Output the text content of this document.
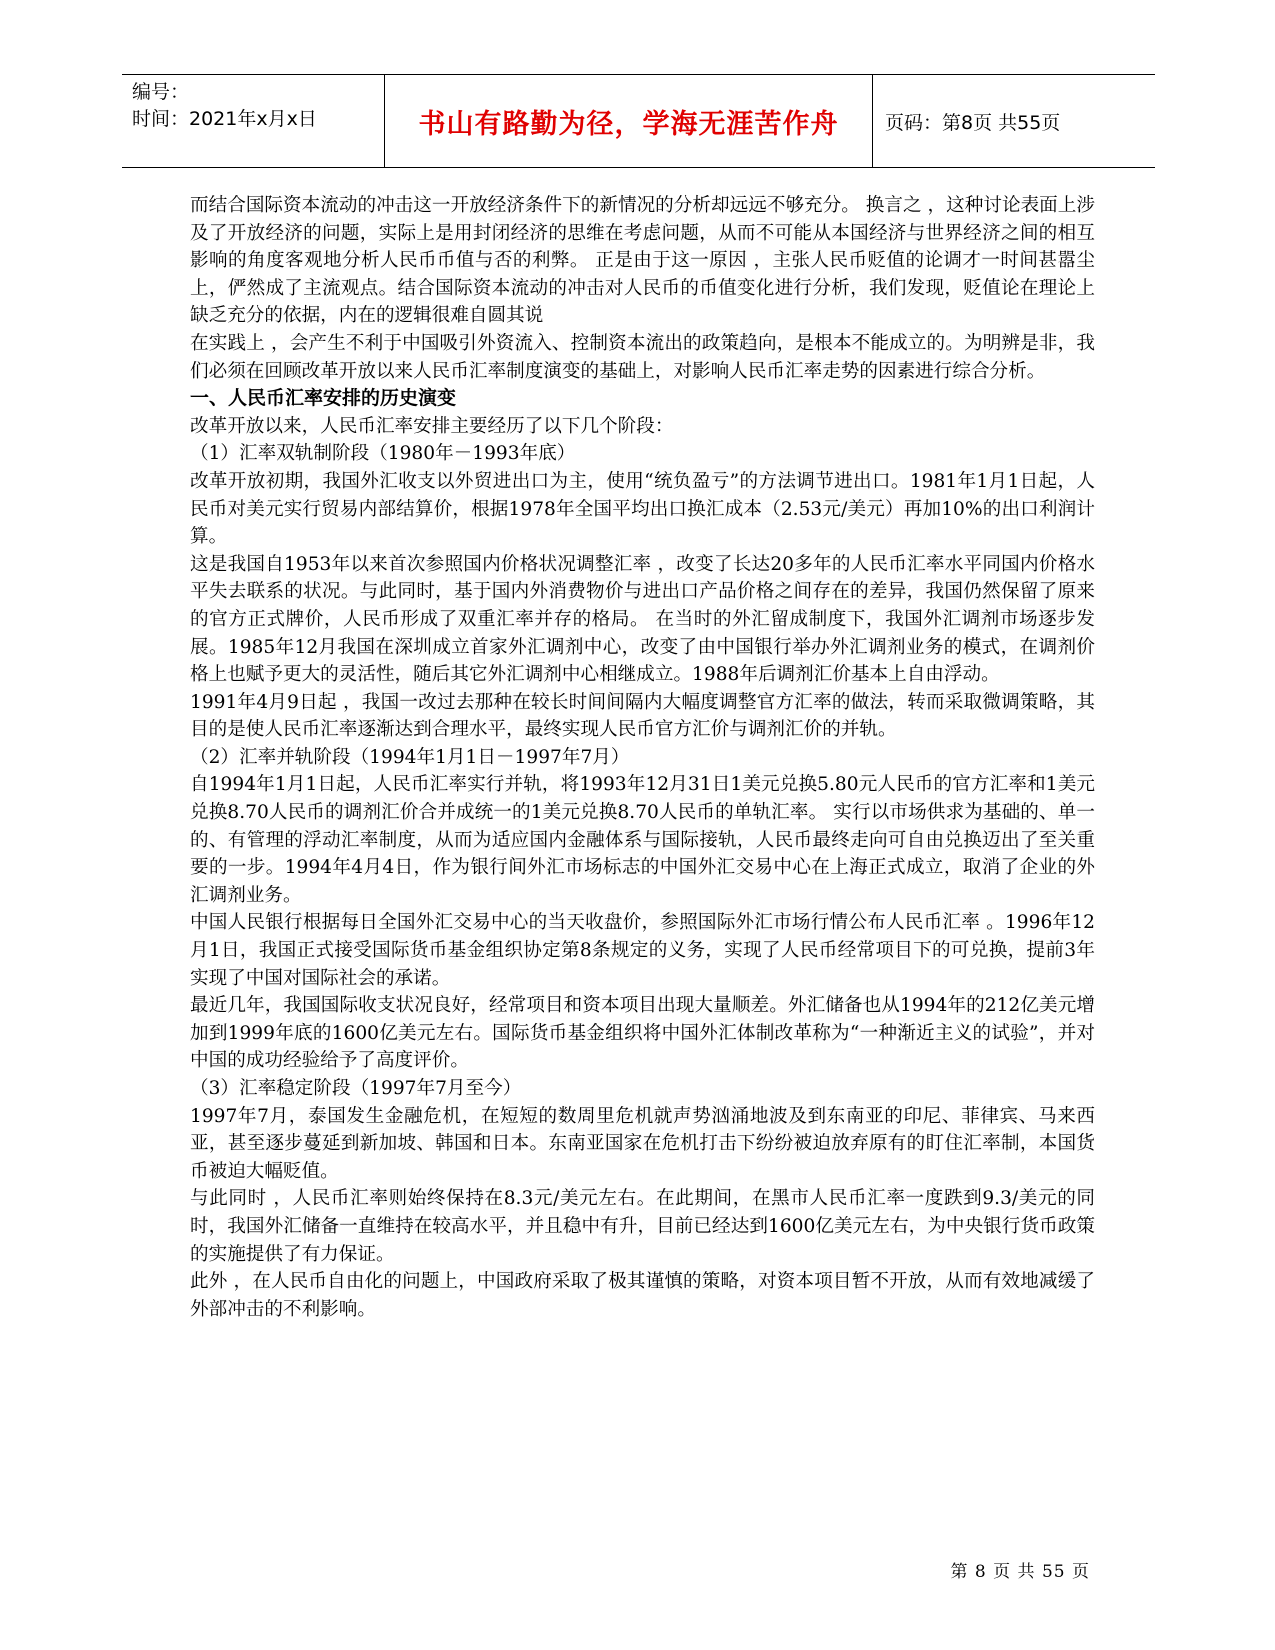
编号：
时间：2021年x月x日	书山有路勤为径，学海无涯苦作舟	页码：第8页 共55页

而结合国际资本流动的冲击这一开放经济条件下的新情况的分析却远远不够充分。 换言之 ，这种讨论表面上涉及了开放经济的问题，实际上是用封闭经济的思维在考虑问题，从而不可能从本国经济与世界经济之间的相互影响的角度客观地分析人民币币值与否的利弊。 正是由于这一原因 ，主张人民币贬值的论调才一时间甚嚣尘上，俨然成了主流观点。结合国际资本流动的冲击对人民币的币值变化进行分析，我们发现，贬值论在理论上缺乏充分的依据，内在的逻辑很难自圆其说

在实践上 ，会产生不利于中国吸引外资流入、控制资本流出的政策趋向，是根本不能成立的。为明辨是非，我们必须在回顾改革开放以来人民币汇率制度演变的基础上，对影响人民币汇率走势的因素进行综合分析。

一、人民币汇率安排的历史演变

改革开放以来，人民币汇率安排主要经历了以下几个阶段：

（1）汇率双轨制阶段（1980年－1993年底）

改革开放初期，我国外汇收支以外贸进出口为主，使用“统负盈亏”的方法调节进出口。1981年1月1日起，人民币对美元实行贸易内部结算价，根据1978年全国平均出口换汇成本（2.53元/美元）再加10%的出口利润计算。

这是我国自1953年以来首次参照国内价格状况调整汇率 ，改变了长达20多年的人民币汇率水平同国内价格水平失去联系的状况。与此同时，基于国内外消费物价与进出口产品价格之间存在的差异，我国仍然保留了原来的官方正式牌价，人民币形成了双重汇率并存的格局。 在当时的外汇留成制度下，我国外汇调剂市场逐步发展。1985年12月我国在深圳成立首家外汇调剂中心，改变了由中国银行举办外汇调剂业务的模式，在调剂价格上也赋予更大的灵活性，随后其它外汇调剂中心相继成立。1988年后调剂汇价基本上自由浮动。

1991年4月9日起 ，我国一改过去那种在较长时间间隔内大幅度调整官方汇率的做法，转而采取微调策略，其目的是使人民币汇率逐渐达到合理水平，最终实现人民币官方汇价与调剂汇价的并轨。

（2）汇率并轨阶段（1994年1月1日－1997年7月）

自1994年1月1日起，人民币汇率实行并轨，将1993年12月31日1美元兑换5.80元人民币的官方汇率和1美元兑换8.70人民币的调剂汇价合并成统一的1美元兑换8.70人民币的单轨汇率。 实行以市场供求为基础的、单一的、有管理的浮动汇率制度，从而为适应国内金融体系与国际接轨，人民币最终走向可自由兑换迈出了至关重要的一步。1994年4月4日，作为银行间外汇市场标志的中国外汇交易中心在上海正式成立，取消了企业的外汇调剂业务。

中国人民银行根据每日全国外汇交易中心的当天收盘价，参照国际外汇市场行情公布人民币汇率 。1996年12月1日，我国正式接受国际货币基金组织协定第8条规定的义务，实现了人民币经常项目下的可兑换，提前3年实现了中国对国际社会的承诺。

最近几年，我国国际收支状况良好，经常项目和资本项目出现大量顺差。外汇储备也从1994年的212亿美元增加到1999年底的1600亿美元左右。国际货币基金组织将中国外汇体制改革称为“一种渐近主义的试验”，并对中国的成功经验给予了高度评价。

（3）汇率稳定阶段（1997年7月至今）

1997年7月，泰国发生金融危机，在短短的数周里危机就声势汹涌地波及到东南亚的印尼、菲律宾、马来西亚，甚至逐步蔓延到新加坡、韩国和日本。东南亚国家在危机打击下纷纷被迫放弃原有的盯住汇率制，本国货币被迫大幅贬值。

与此同时 ，人民币汇率则始终保持在8.3元/美元左右。在此期间，在黑市人民币汇率一度跌到9.3/美元的同时，我国外汇储备一直维持在较高水平，并且稳中有升，目前已经达到1600亿美元左右，为中央银行货币政策的实施提供了有力保证。

此外 ，在人民币自由化的问题上，中国政府采取了极其谨慎的策略，对资本项目暂不开放，从而有效地减缓了外部冲击的不利影响。

第 8 页 共 55 页
